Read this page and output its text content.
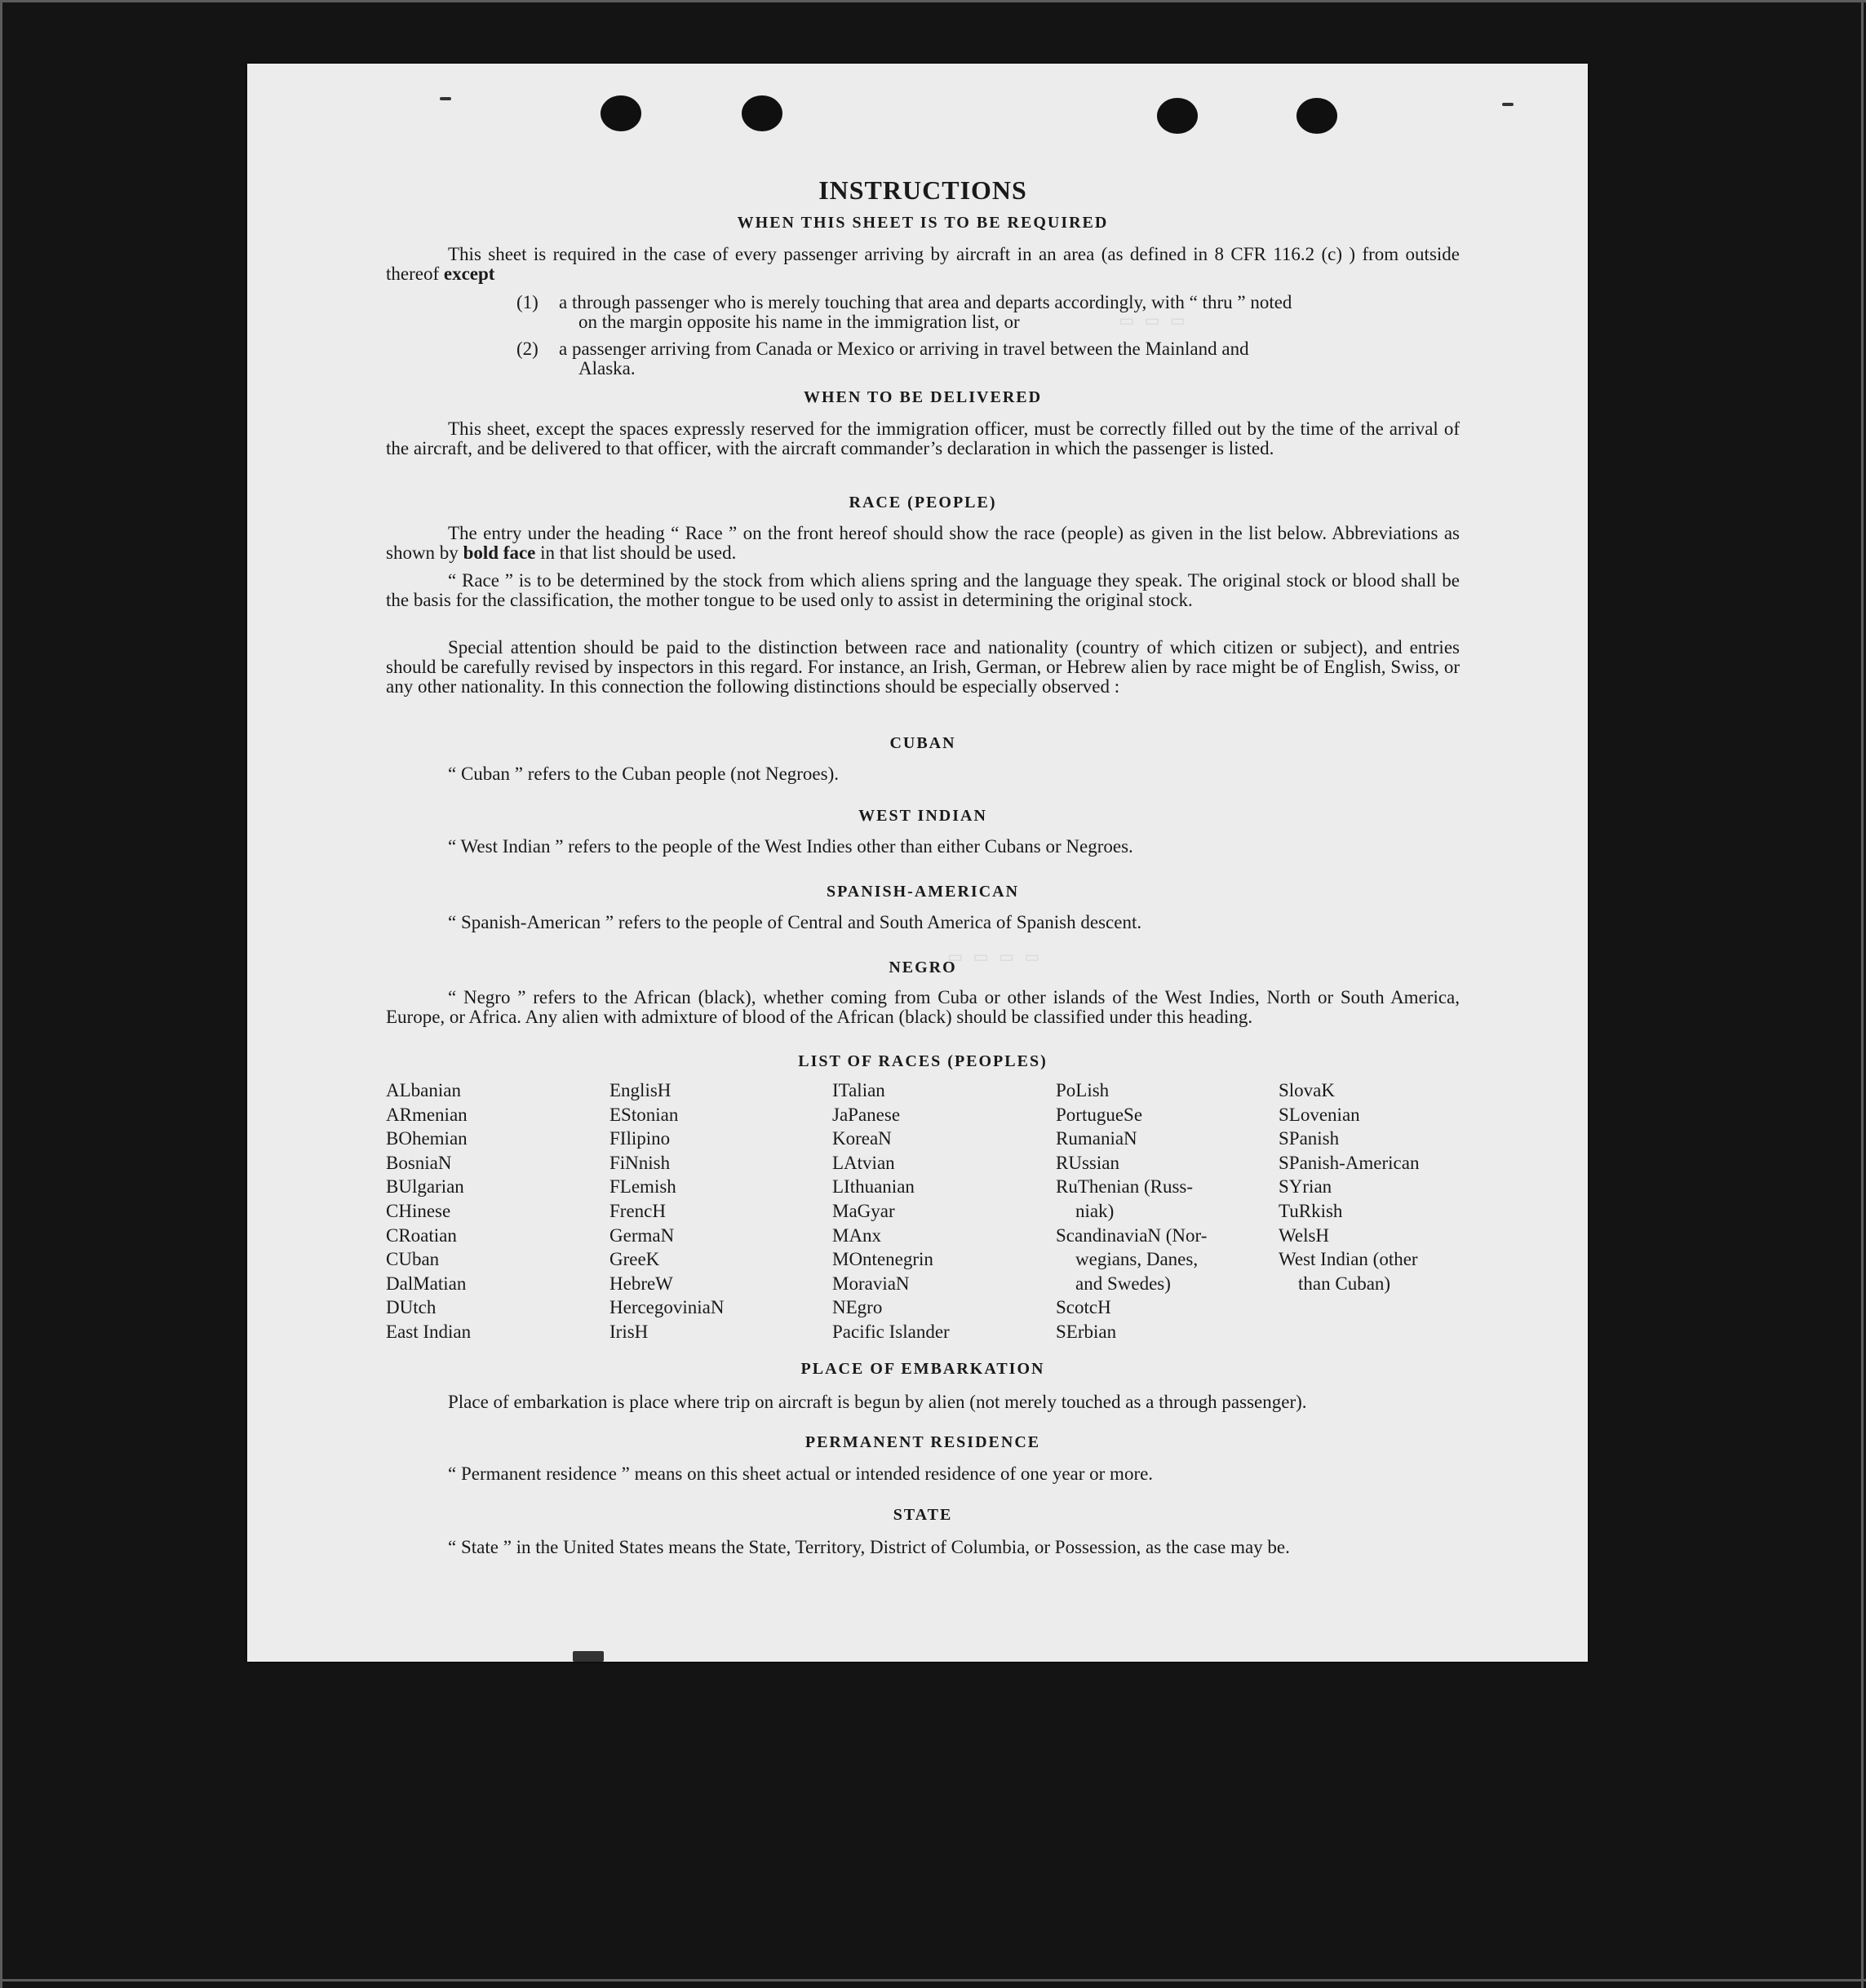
▭ ▭ ▭
▭ ▭ ▭ ▭
INSTRUCTIONS
WHEN THIS SHEET IS TO BE REQUIRED
This sheet is required in the case of every passenger arriving by aircraft in an area (as defined in 8 CFR 116.2 (c) ) from outside thereof except
(1) a through passenger who is merely touching that area and departs accordingly, with “ thru ” noted
on the margin opposite his name in the immigration list, or
(2) a passenger arriving from Canada or Mexico or arriving in travel between the Mainland and
Alaska.
WHEN TO BE DELIVERED
This sheet, except the spaces expressly reserved for the immigration officer, must be correctly filled out by the time of the arrival of the aircraft, and be delivered to that officer, with the aircraft commander’s declaration in which the passenger is listed.
RACE (PEOPLE)
The entry under the heading “ Race ” on the front hereof should show the race (people) as given in the list below. Abbreviations as shown by bold face in that list should be used.
“ Race ” is to be determined by the stock from which aliens spring and the language they speak. The original stock or blood shall be the basis for the classification, the mother tongue to be used only to assist in determining the original stock.
Special attention should be paid to the distinction between race and nationality (country of which citizen or subject), and entries should be carefully revised by inspectors in this regard. For instance, an Irish, German, or Hebrew alien by race might be of English, Swiss, or any other nationality. In this connection the following distinctions should be especially observed :
CUBAN
“ Cuban ” refers to the Cuban people (not Negroes).
WEST INDIAN
“ West Indian ” refers to the people of the West Indies other than either Cubans or Negroes.
SPANISH-AMERICAN
“ Spanish-American ” refers to the people of Central and South America of Spanish descent.
NEGRO
“ Negro ” refers to the African (black), whether coming from Cuba or other islands of the West Indies, North or South America, Europe, or Africa. Any alien with admixture of blood of the African (black) should be classified under this heading.
LIST OF RACES (PEOPLES)
ALbanian
ARmenian
BOhemian
BosniaN
BUlgarian
CHinese
CRoatian
CUban
DalMatian
DUtch
East Indian
EnglisH
EStonian
FIlipino
FiNnish
FLemish
FrencH
GermaN
GreeK
HebreW
HercegoviniaN
IrisH
ITalian
JaPanese
KoreaN
LAtvian
LIthuanian
MaGyar
MAnx
MOntenegrin
MoraviaN
NEgro
Pacific Islander
PoLish
PortugueSe
RumaniaN
RUssian
RuThenian (Russ-
niak)
ScandinaviaN (Nor-
wegians, Danes,
and Swedes)
ScotcH
SErbian
SlovaK
SLovenian
SPanish
SPanish-American
SYrian
TuRkish
WelsH
West Indian (other
than Cuban)
PLACE OF EMBARKATION
Place of embarkation is place where trip on aircraft is begun by alien (not merely touched as a through passenger).
PERMANENT RESIDENCE
“ Permanent residence ” means on this sheet actual or intended residence of one year or more.
STATE
“ State ” in the United States means the State, Territory, District of Columbia, or Possession, as the case may be.
